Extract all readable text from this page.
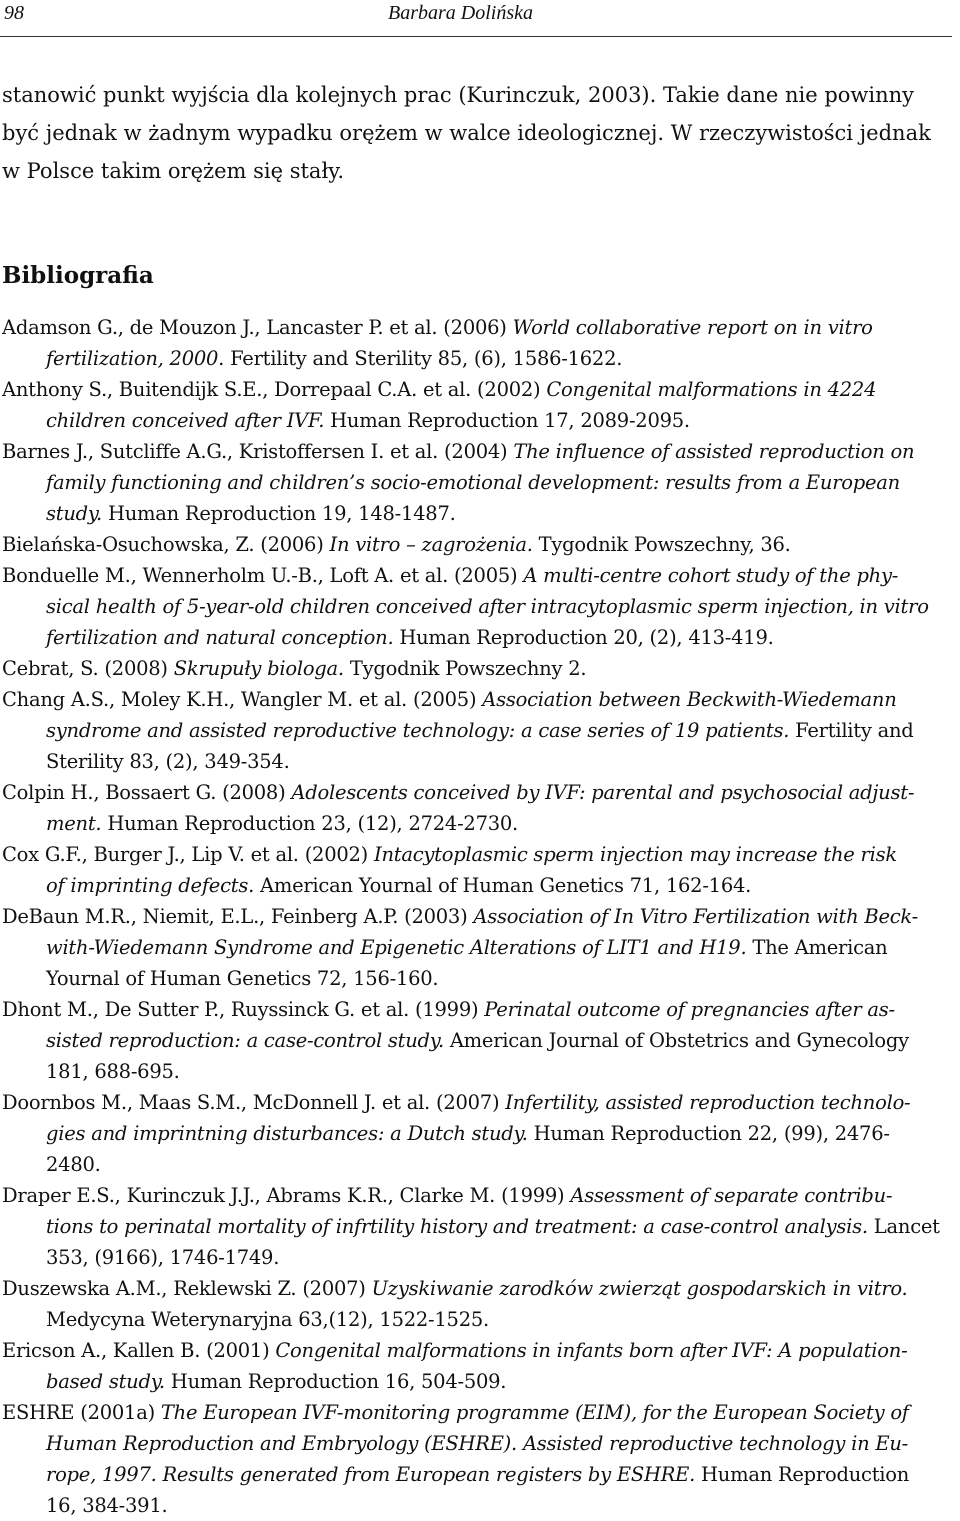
98	Barbara Dolińska
stanowić punkt wyjścia dla kolejnych prac (Kurinczuk, 2003). Takie dane nie powinny
być jednak w żadnym wypadku orężem w walce ideologicznej. W rzeczywistości jednak
w Polsce takim orężem się stały.
Bibliografia
Adamson G., de Mouzon J., Lancaster P. et al. (2006) World collaborative report on in vitro
fertilization, 2000. Fertility and Sterility 85, (6), 1586-1622.
Anthony S., Buitendijk S.E., Dorrepaal C.A. et al. (2002) Congenital malformations in 4224
children conceived after IVF. Human Reproduction 17, 2089-2095.
Barnes J., Sutcliffe A.G., Kristoffersen I. et al. (2004) The influence of assisted reproduction on
family functioning and children’s socio-emotional development: results from a European
study. Human Reproduction 19, 148-1487.
Bielańska-Osuchowska, Z. (2006) In vitro – zagrożenia. Tygodnik Powszechny, 36.
Bonduelle M., Wennerholm U.-B., Loft A. et al. (2005) A multi-centre cohort study of the phy-
sical health of 5-year-old children conceived after intracytoplasmic sperm injection, in vitro
fertilization and natural conception. Human Reproduction 20, (2), 413-419.
Cebrat, S. (2008) Skrupuły biologa. Tygodnik Powszechny 2.
Chang A.S., Moley K.H., Wangler M. et al. (2005) Association between Beckwith-Wiedemann
syndrome and assisted reproductive technology: a case series of 19 patients. Fertility and
Sterility 83, (2), 349-354.
Colpin H., Bossaert G. (2008) Adolescents conceived by IVF: parental and psychosocial adjust-
ment. Human Reproduction 23, (12), 2724-2730.
Cox G.F., Burger J., Lip V. et al. (2002) Intacytoplasmic sperm injection may increase the risk
of imprinting defects. American Yournal of Human Genetics 71, 162-164.
DeBaun M.R., Niemit, E.L., Feinberg A.P. (2003) Association of In Vitro Fertilization with Beck-
with-Wiedemann Syndrome and Epigenetic Alterations of LIT1 and H19. The American
Yournal of Human Genetics 72, 156-160.
Dhont M., De Sutter P., Ruyssinck G. et al. (1999) Perinatal outcome of pregnancies after as-
sisted reproduction: a case-control study. American Journal of Obstetrics and Gynecology
181, 688-695.
Doornbos M., Maas S.M., McDonnell J. et al. (2007) Infertility, assisted reproduction technolo-
gies and imprintning disturbances: a Dutch study. Human Reproduction 22, (99), 2476-
2480.
Draper E.S., Kurinczuk J.J., Abrams K.R., Clarke M. (1999) Assessment of separate contribu-
tions to perinatal mortality of infrtility history and treatment: a case-control analysis. Lancet
353, (9166), 1746-1749.
Duszewska A.M., Reklewski Z. (2007) Uzyskiwanie zarodków zwierząt gospodarskich in vitro.
Medycyna Weterynaryjna 63,(12), 1522-1525.
Ericson A., Kallen B. (2001) Congenital malformations in infants born after IVF: A population-
based study. Human Reproduction 16, 504-509.
ESHRE (2001a) The European IVF-monitoring programme (EIM), for the European Society of
Human Reproduction and Embryology (ESHRE). Assisted reproductive technology in Eu-
rope, 1997. Results generated from European registers by ESHRE. Human Reproduction
16, 384-391.
